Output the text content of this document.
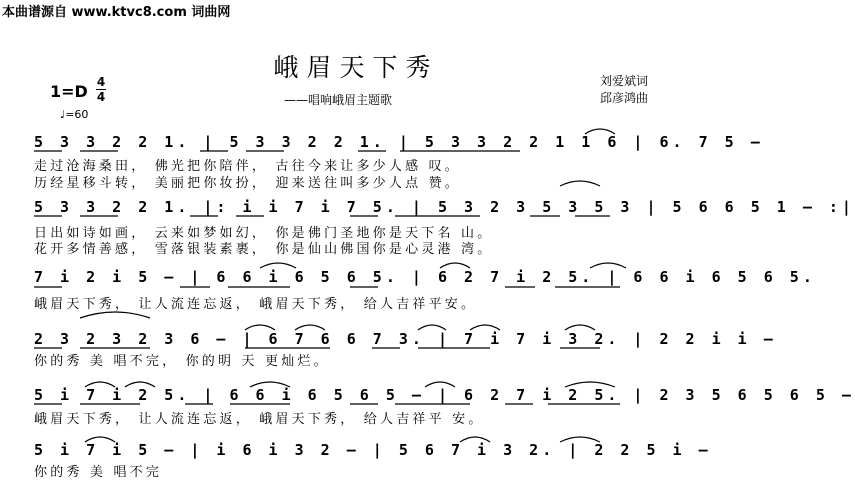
本曲谱源自 www.ktvc8.com 词曲网
峨眉天下秀
——唱响峨眉主题歌
刘爱斌词
邱彦鸿曲
1=D 4
4
♩=60
5 3 3 2 2 1. | 5 3 3 2 2 1. | 5 3 3 2 2 1 1 6 | 6. 7 5 –
走过沧海桑田， 佛光把你陪伴， 古往今来让多少人感 叹。
历经星移斗转， 美丽把你妆扮， 迎来送往叫多少人点 赞。
5 3 3 2 2 1. |: i i 7 i 7 5. | 5 3 2 3 5 3 5 3 | 5 6 6 5 1 – :|
日出如诗如画， 云来如梦如幻， 你是佛门圣地你是天下名 山。
花开多情善感， 雪落银装素裹， 你是仙山佛国你是心灵港 湾。
7 i 2 i 5 – | 6 6 i 6 5 6 5. | 6 2 7 i 2 5. | 6 6 i 6 5 6 5.
峨眉天下秀， 让人流连忘返， 峨眉天下秀， 给人吉祥平安。
2 3 2 3 2 3 6 – | 6 7 6 6 7 3. | 7 i 7 i 3 2. | 2 2 i i –
你的秀 美 唱不完， 你的明 天 更灿烂。
5 i 7 i 2 5. | 6 6 i 6 5 6 5 – | 6 2 7 i 2 5. | 2 3 5 6 5 6 5 –
峨眉天下秀， 让人流连忘返， 峨眉天下秀， 给人吉祥平 安。
5 i 7 i 5 – | i 6 i 3 2 – | 5 6 7 i 3 2. | 2 2 5 i –
你的秀 美 唱不完
